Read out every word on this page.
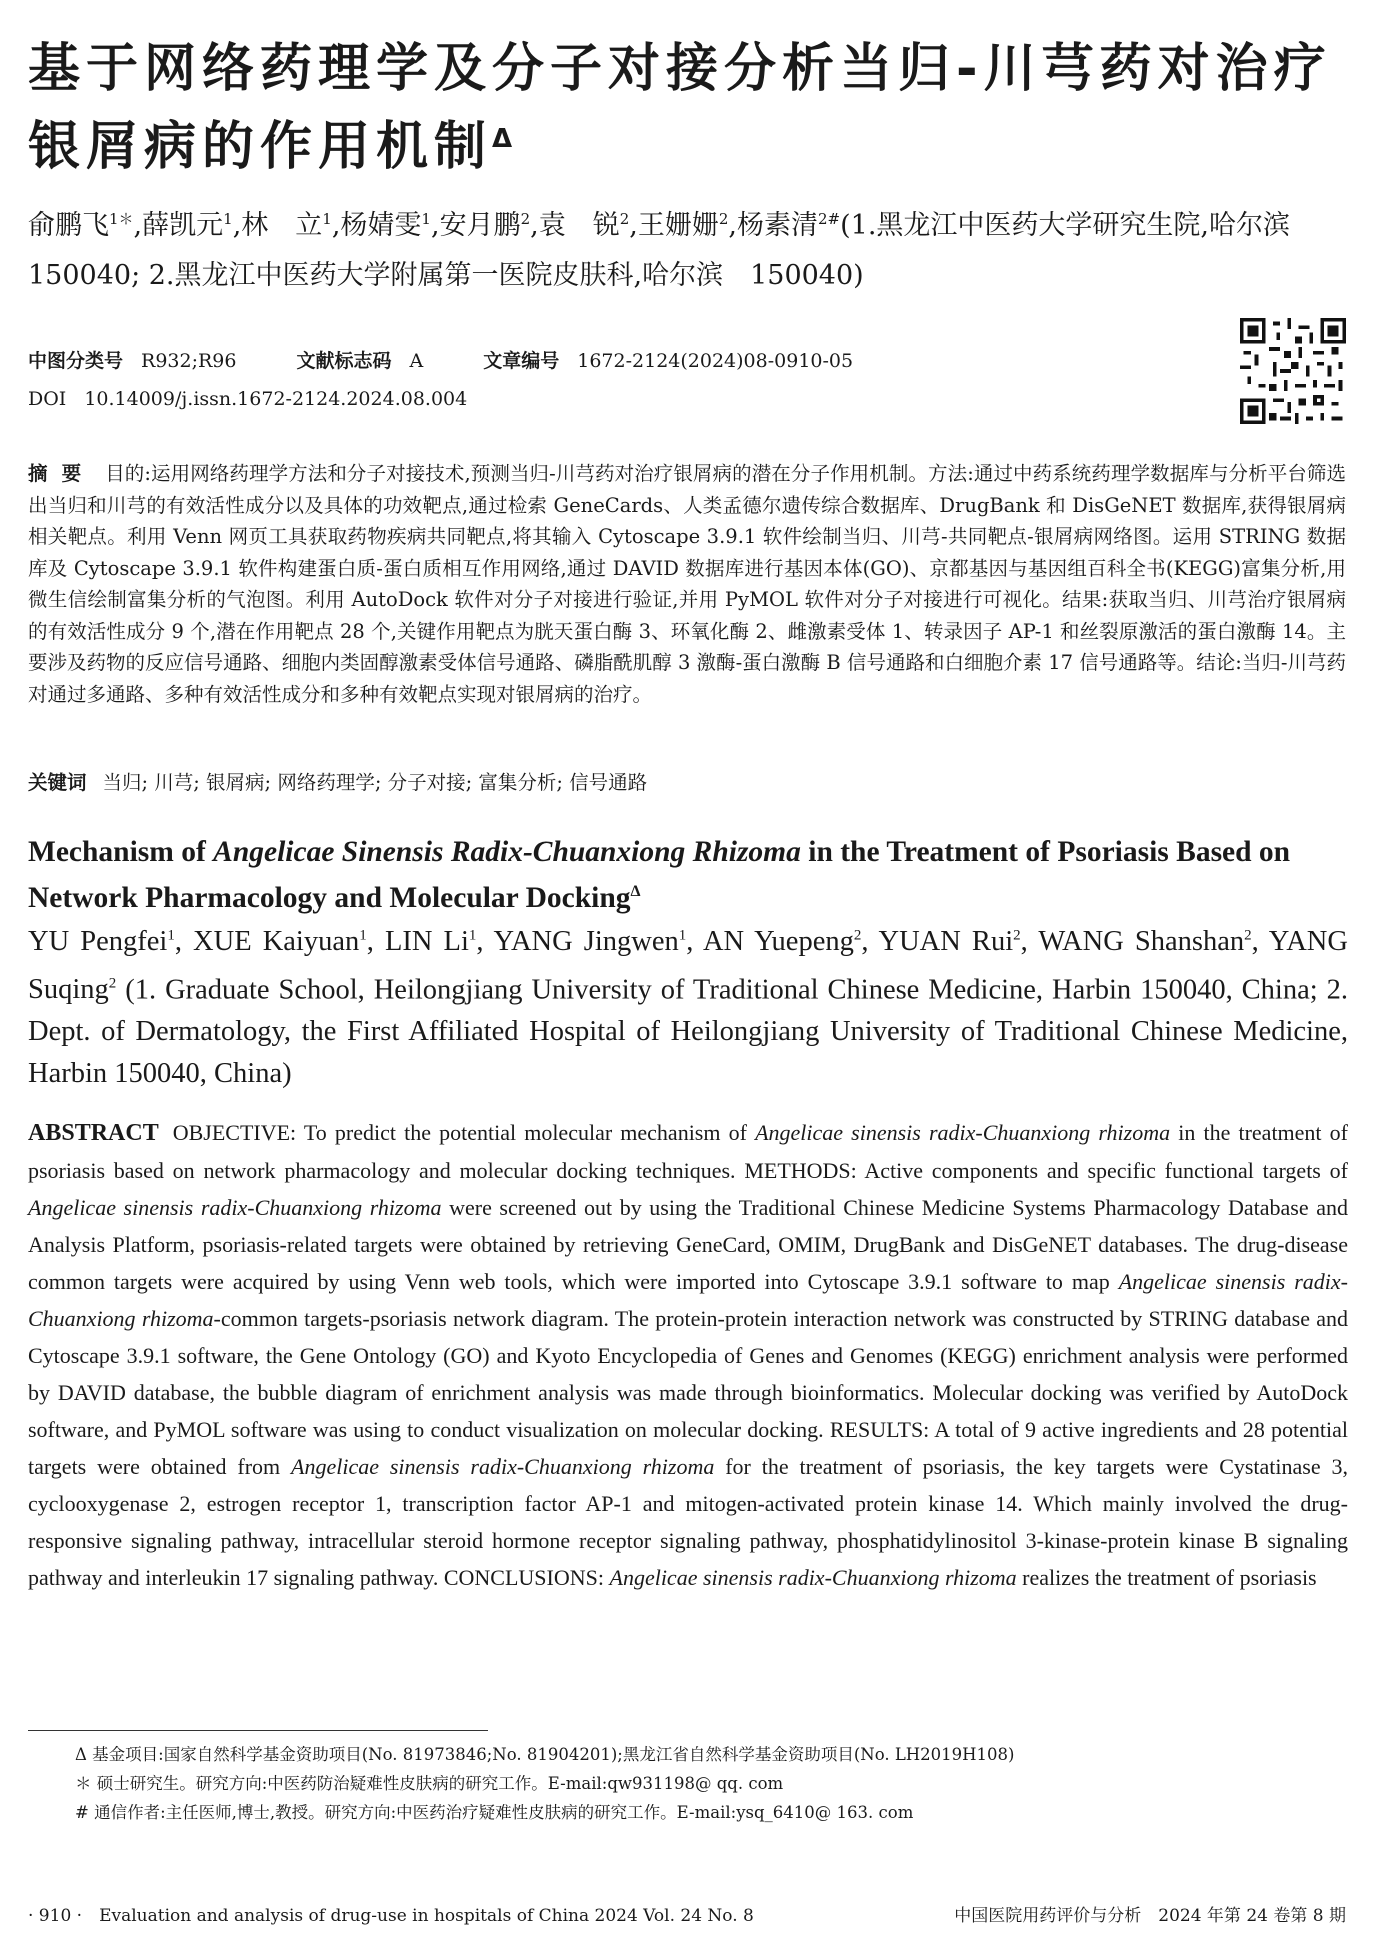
基于网络药理学及分子对接分析当归-川芎药对治疗银屑病的作用机制$^\Delta$
俞鹏飞$^{1*}$,薛凯元$^1$,林　立$^1$,杨婧雯$^1$,安月鹏$^2$,袁　锐$^2$,王姗姗$^2$,杨素清$^{2\#}$(1.黑龙江中医药大学研究生院,哈尔滨　150040; 2.黑龙江中医药大学附属第一医院皮肤科,哈尔滨　150040)
中图分类号 R932;R96	文献标志码 A	文章编号 1672-2124(2024)08-0910-05
DOI 10.14009/j.issn.1672-2124.2024.08.004
摘要 目的:运用网络药理学方法和分子对接技术,预测当归-川芎药对治疗银屑病的潜在分子作用机制。方法:通过中药系统药理学数据库与分析平台筛选出当归和川芎的有效活性成分以及具体的功效靶点,通过检索 GeneCards、人类孟德尔遗传综合数据库、DrugBank 和 DisGeNET 数据库,获得银屑病相关靶点。利用 Venn 网页工具获取药物疾病共同靶点,将其输入 Cytoscape 3.9.1 软件绘制当归、川芎-共同靶点-银屑病网络图。运用 STRING 数据库及 Cytoscape 3.9.1 软件构建蛋白质-蛋白质相互作用网络,通过 DAVID 数据库进行基因本体(GO)、京都基因与基因组百科全书(KEGG)富集分析,用微生信绘制富集分析的气泡图。利用 AutoDock 软件对分子对接进行验证,并用 PyMOL 软件对分子对接进行可视化。结果:获取当归、川芎治疗银屑病的有效活性成分 9 个,潜在作用靶点 28 个,关键作用靶点为胱天蛋白酶 3、环氧化酶 2、雌激素受体 1、转录因子 AP-1 和丝裂原激活的蛋白激酶 14。主要涉及药物的反应信号通路、细胞内类固醇激素受体信号通路、磷脂酰肌醇 3 激酶-蛋白激酶 B 信号通路和白细胞介素 17 信号通路等。结论:当归-川芎药对通过多通路、多种有效活性成分和多种有效靶点实现对银屑病的治疗。
关键词 当归; 川芎; 银屑病; 网络药理学; 分子对接; 富集分析; 信号通路
Mechanism of Angelicae Sinensis Radix-Chuanxiong Rhizoma in the Treatment of Psoriasis Based on Network Pharmacology and Molecular Docking$^\Delta$
YU Pengfei$^1$, XUE Kaiyuan$^1$, LIN Li$^1$, YANG Jingwen$^1$, AN Yuepeng$^2$, YUAN Rui$^2$, WANG Shanshan$^2$, YANG Suqing$^2$ (1. Graduate School, Heilongjiang University of Traditional Chinese Medicine, Harbin 150040, China; 2. Dept. of Dermatology, the First Affiliated Hospital of Heilongjiang University of Traditional Chinese Medicine, Harbin 150040, China)
ABSTRACT OBJECTIVE: To predict the potential molecular mechanism of Angelicae sinensis radix-Chuanxiong rhizoma in the treatment of psoriasis based on network pharmacology and molecular docking techniques. METHODS: Active components and specific functional targets of Angelicae sinensis radix-Chuanxiong rhizoma were screened out by using the Traditional Chinese Medicine Systems Pharmacology Database and Analysis Platform, psoriasis-related targets were obtained by retrieving GeneCard, OMIM, DrugBank and DisGeNET databases. The drug-disease common targets were acquired by using Venn web tools, which were imported into Cytoscape 3.9.1 software to map Angelicae sinensis radix-Chuanxiong rhizoma-common targets-psoriasis network diagram. The protein-protein interaction network was constructed by STRING database and Cytoscape 3.9.1 software, the Gene Ontology (GO) and Kyoto Encyclopedia of Genes and Genomes (KEGG) enrichment analysis were performed by DAVID database, the bubble diagram of enrichment analysis was made through bioinformatics. Molecular docking was verified by AutoDock software, and PyMOL software was using to conduct visualization on molecular docking. RESULTS: A total of 9 active ingredients and 28 potential targets were obtained from Angelicae sinensis radix-Chuanxiong rhizoma for the treatment of psoriasis, the key targets were Cystatinase 3, cyclooxygenase 2, estrogen receptor 1, transcription factor AP-1 and mitogen-activated protein kinase 14. Which mainly involved the drug-responsive signaling pathway, intracellular steroid hormone receptor signaling pathway, phosphatidylinositol 3-kinase-protein kinase B signaling pathway and interleukin 17 signaling pathway. CONCLUSIONS: Angelicae sinensis radix-Chuanxiong rhizoma realizes the treatment of psoriasis
Δ 基金项目:国家自然科学基金资助项目(No. 81973846;No. 81904201);黑龙江省自然科学基金资助项目(No. LH2019H108)
＊ 硕士研究生。研究方向:中医药防治疑难性皮肤病的研究工作。E-mail:qw931198@ qq. com
# 通信作者:主任医师,博士,教授。研究方向:中医药治疗疑难性皮肤病的研究工作。E-mail:ysq_6410@ 163. com
· 910 ·　Evaluation and analysis of drug-use in hospitals of China 2024 Vol. 24 No. 8	中国医院用药评价与分析　2024 年第 24 卷第 8 期
